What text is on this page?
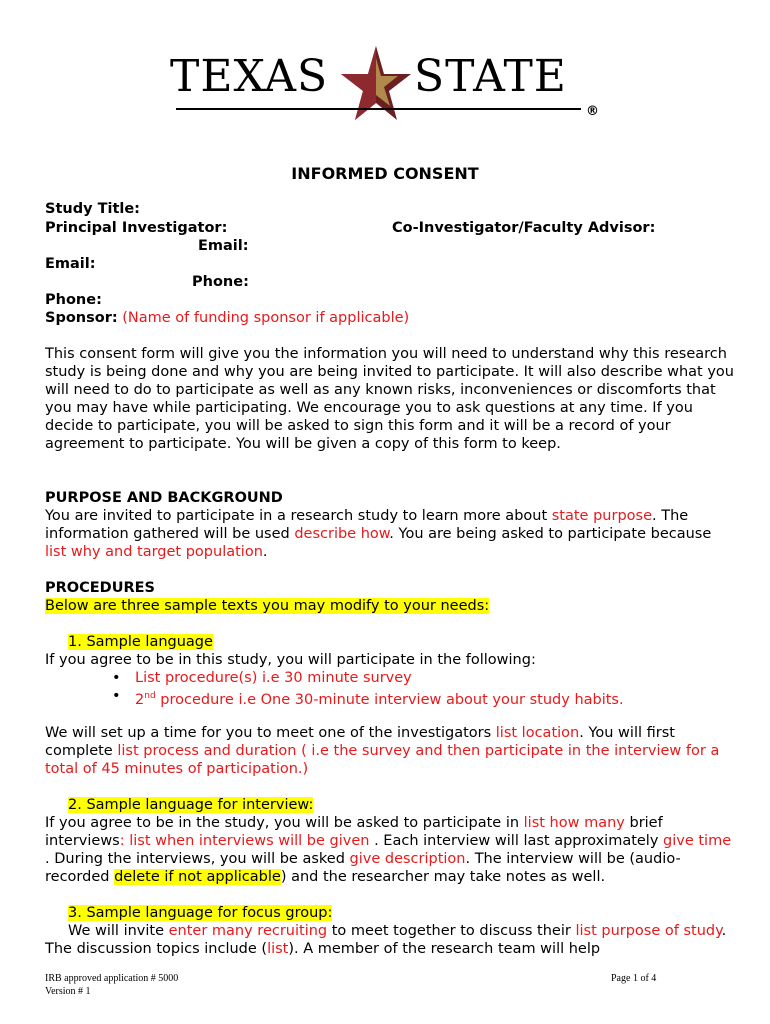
TEXAS STATE
®
INFORMED CONSENT
Study Title:
Principal Investigator:	Co-Investigator/Faculty Advisor:
Email:
Email:
Phone:
Phone:
Sponsor: (Name of funding sponsor if applicable)

This consent form will give you the information you will need to understand why this research study is being done and why you are being invited to participate. It will also describe what you will need to do to participate as well as any known risks, inconveniences or discomforts that you may have while participating. We encourage you to ask questions at any time. If you decide to participate, you will be asked to sign this form and it will be a record of your agreement to participate. You will be given a copy of this form to keep.

PURPOSE AND BACKGROUND

You are invited to participate in a research study to learn more about state purpose. The information gathered will be used describe how. You are being asked to participate because list why and target population.

PROCEDURES
Below are three sample texts you may modify to your needs:
1. Sample language
If you agree to be in this study, you will participate in the following:
• List procedure(s) i.e 30 minute survey
• 2nd procedure i.e One 30-minute interview about your study habits.

We will set up a time for you to meet one of the investigators list location. You will first complete list process and duration ( i.e the survey and then participate in the interview for a total of 45 minutes of participation.)

2. Sample language for interview:

If you agree to be in the study, you will be asked to participate in list how many brief interviews: list when interviews will be given . Each interview will last approximately give time . During the interviews, you will be asked give description. The interview will be (audio-recorded delete if not applicable) and the researcher may take notes as well.

3. Sample language for focus group:

We will invite enter many recruiting to meet together to discuss their list purpose of study. The discussion topics include (list). A member of the research team will help

IRB approved application # 5000
Version # 1
Page 1 of 4
